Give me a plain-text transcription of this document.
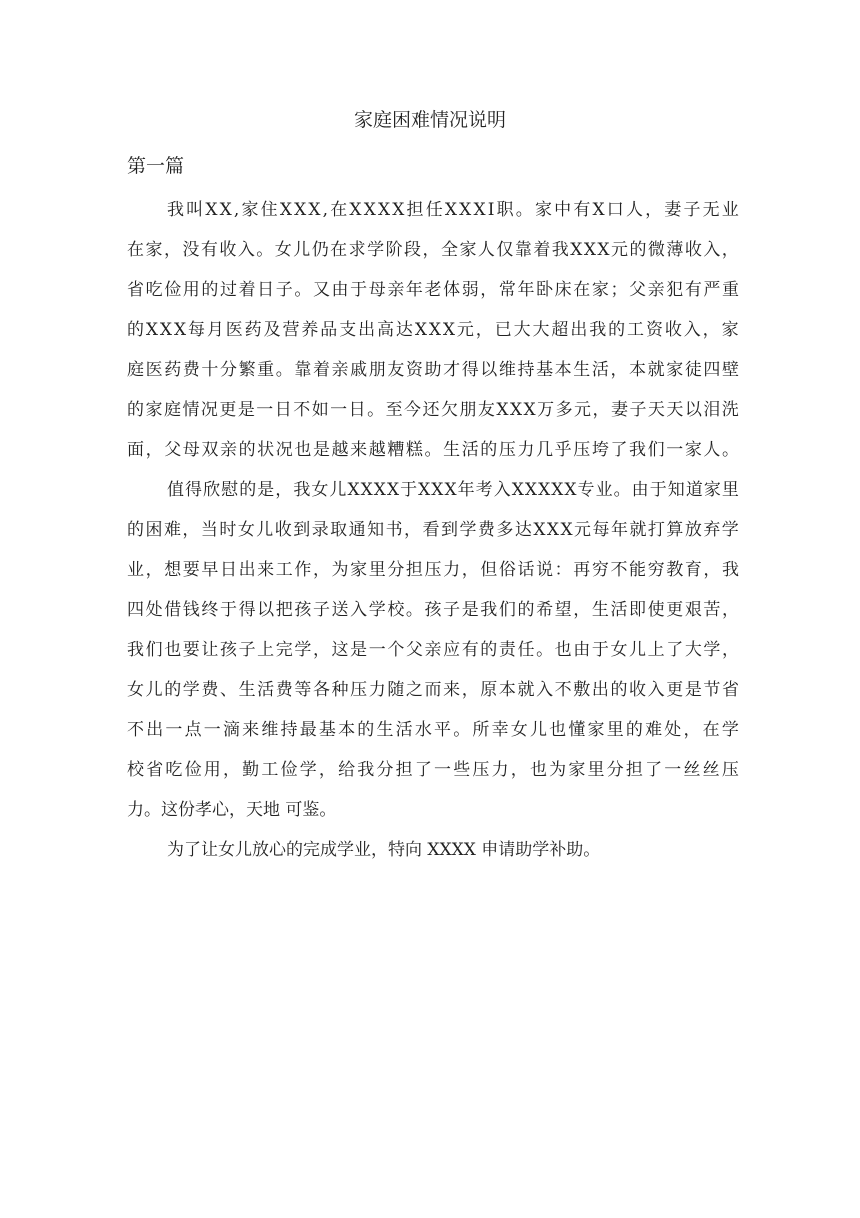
家庭困难情况说明
第一篇
我 叫 X X , 家 住 X X X , 在 X X X X 担 任 X X X I 职 。 家 中 有 X 口 人 ， 妻 子 无 业
在 家 ， 没 有 收 入 。 女 儿 仍 在 求 学 阶 段 ， 全 家 人 仅 靠 着 我 X X X 元 的 微 薄 收 入 ，
省 吃 俭 用 的 过 着 日 子 。 又 由 于 母 亲 年 老 体 弱 ， 常 年 卧 床 在 家 ； 父 亲 犯 有 严 重
的 X X X 每 月 医 药 及 营 养 品 支 出 高 达 X X X 元 ， 已 大 大 超 出 我 的 工 资 收 入 ， 家
庭 医 药 费 十 分 繁 重 。 靠 着 亲 戚 朋 友 资 助 才 得 以 维 持 基 本 生 活 ， 本 就 家 徒 四 壁
的 家 庭 情 况 更 是 一 日 不 如 一 日 。 至 今 还 欠 朋 友 X X X 万 多 元 ， 妻 子 天 天 以 泪 洗
面 ， 父 母 双 亲 的 状 况 也 是 越 来 越 糟 糕 。 生 活 的 压 力 几 乎 压 垮 了 我 们 一 家 人 。
值 得 欣 慰 的 是 ， 我 女 儿 X X X X 于 X X X 年 考 入 X X X X X 专 业 。 由 于 知 道 家 里
的 困 难 ， 当 时 女 儿 收 到 录 取 通 知 书 ， 看 到 学 费 多 达 X X X 元 每 年 就 打 算 放 弃 学
业 ， 想 要 早 日 出 来 工 作 ， 为 家 里 分 担 压 力 ， 但 俗 话 说 ： 再 穷 不 能 穷 教 育 ， 我
四 处 借 钱 终 于 得 以 把 孩 子 送 入 学 校 。 孩 子 是 我 们 的 希 望 ， 生 活 即 使 更 艰 苦 ，
我 们 也 要 让 孩 子 上 完 学 ， 这 是 一 个 父 亲 应 有 的 责 任 。 也 由 于 女 儿 上 了 大 学 ，
女 儿 的 学 费 、 生 活 费 等 各 种 压 力 随 之 而 来 ， 原 本 就 入 不 敷 出 的 收 入 更 是 节 省
不 出 一 点 一 滴 来 维 持 最 基 本 的 生 活 水 平 。 所 幸 女 儿 也 懂 家 里 的 难 处 ， 在 学
校 省 吃 俭 用 ， 勤 工 俭 学 ， 给 我 分 担 了 一 些 压 力 ， 也 为 家 里 分 担 了 一 丝 丝 压
力。这份孝心，天地 可鉴。
为了让女儿放心的完成学业，特向 XXXX 申请助学补助。
